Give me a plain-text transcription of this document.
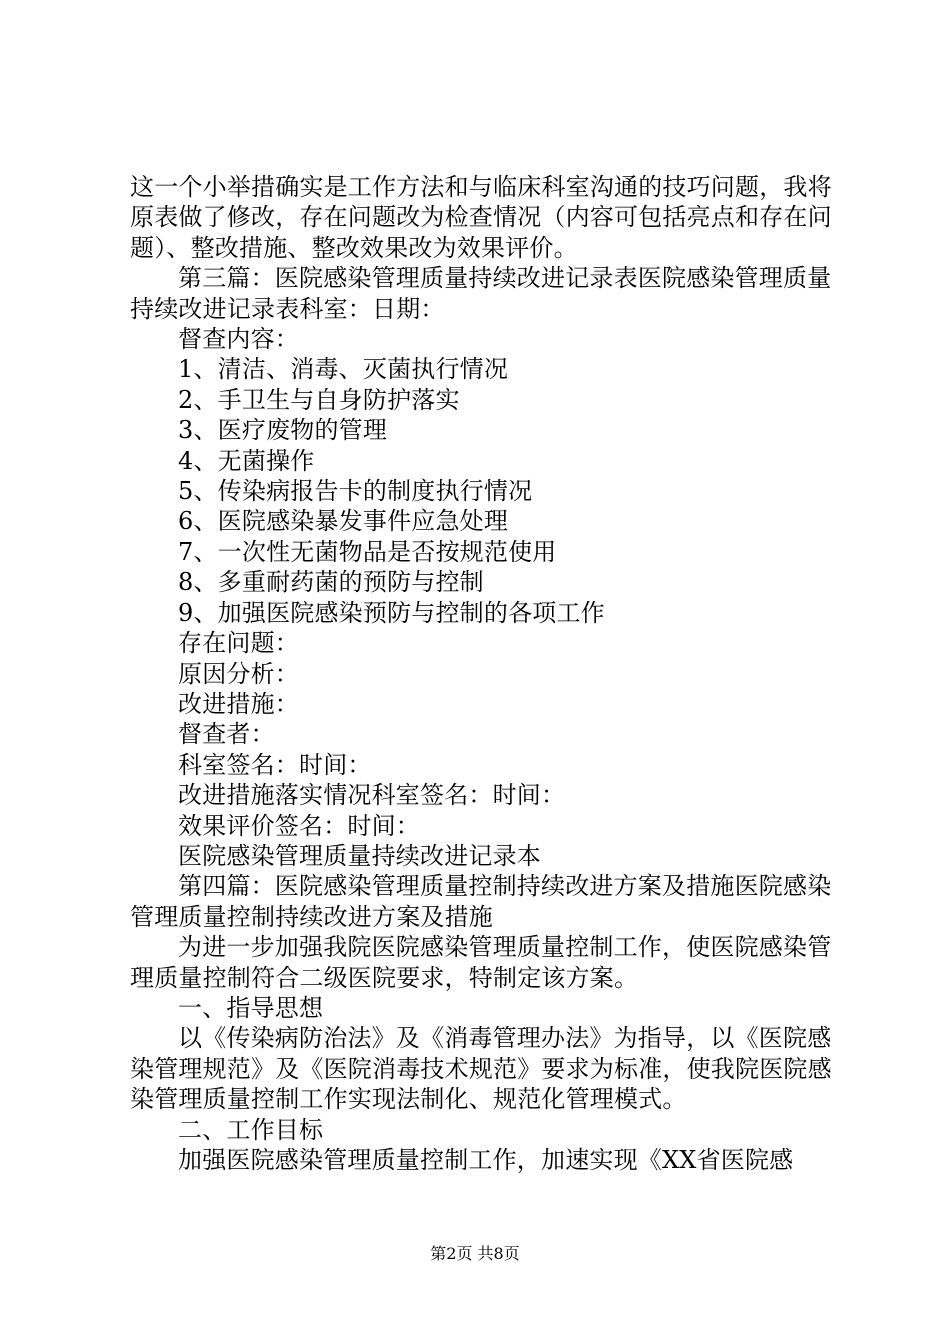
这一个小举措确实是工作方法和与临床科室沟通的技巧问题，我将原表做了修改，存在问题改为检查情况（内容可包括亮点和存在问题）、整改措施、整改效果改为效果评价。

第三篇：医院感染管理质量持续改进记录表医院感染管理质量持续改进记录表科室：日期：

督查内容：

1、清洁、消毒、灭菌执行情况

2、手卫生与自身防护落实

3、医疗废物的管理

4、无菌操作

5、传染病报告卡的制度执行情况

6、医院感染暴发事件应急处理

7、一次性无菌物品是否按规范使用

8、多重耐药菌的预防与控制

9、加强医院感染预防与控制的各项工作

存在问题：

原因分析：

改进措施：

督查者：

科室签名：时间：

改进措施落实情况科室签名：时间：

效果评价签名：时间：

医院感染管理质量持续改进记录本

第四篇：医院感染管理质量控制持续改进方案及措施医院感染管理质量控制持续改进方案及措施

为进一步加强我院医院感染管理质量控制工作，使医院感染管理质量控制符合二级医院要求，特制定该方案。

一、指导思想

以《传染病防治法》及《消毒管理办法》为指导，以《医院感染管理规范》及《医院消毒技术规范》要求为标准，使我院医院感染管理质量控制工作实现法制化、规范化管理模式。

二、工作目标

加强医院感染管理质量控制工作，加速实现《XX省医院感

第2页 共8页
